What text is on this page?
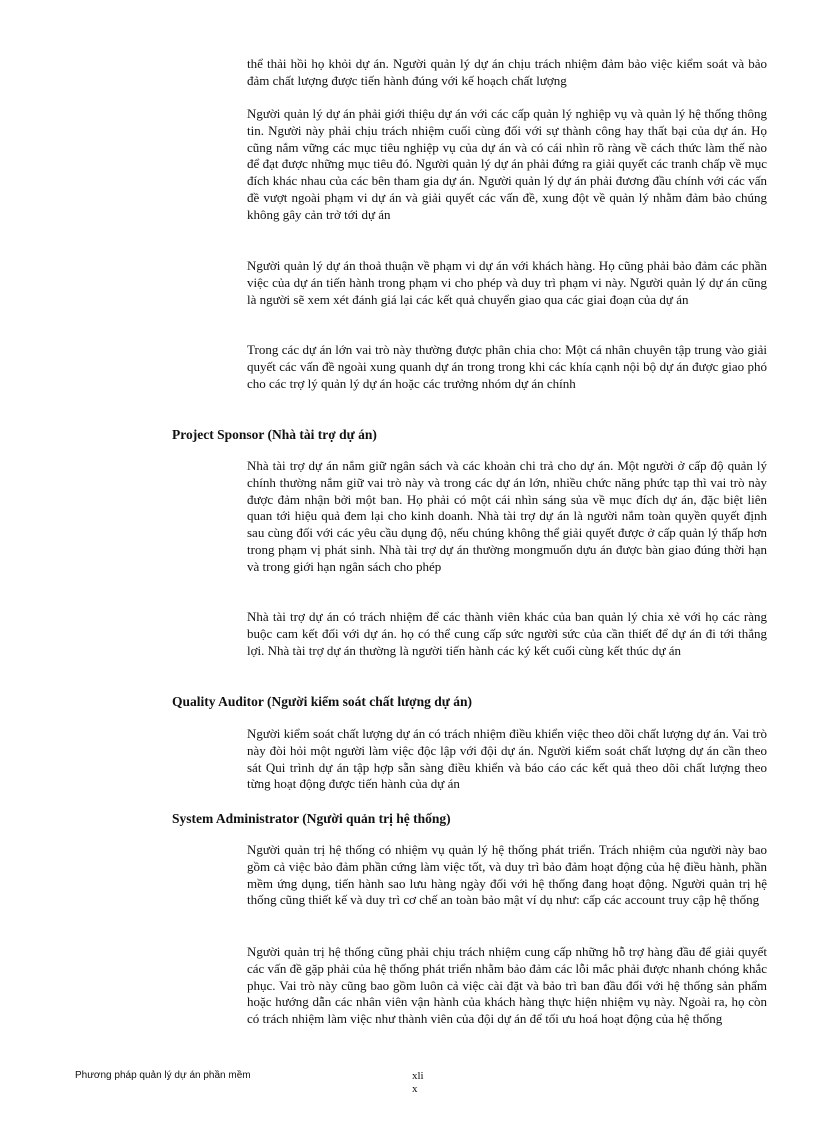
thể thải hồi họ khỏi dự án. Người quản lý dự án chịu trách nhiệm đảm bảo việc kiểm soát và bảo đảm chất lượng được tiến hành đúng với kế hoạch chất lượng

Người quản lý dự án phải giới thiệu dự án với các cấp quản lý nghiệp vụ và quản lý hệ thống thông tin. Người này phải chịu trách nhiệm cuối cùng đối với sự thành công hay thất bại của dự án. Họ cũng nắm vững các mục tiêu nghiệp vụ của dự án và có cái nhìn rõ ràng về cách thức làm thế nào để đạt được những mục tiêu đó. Người quản lý dự án phải đứng ra giải quyết các tranh chấp về mục đích khác nhau của các bên tham gia dự án. Người quản lý dự án phải đương đầu chính với các vấn đề vượt ngoài phạm vi dự án và giải quyết các vấn đề, xung đột về quản lý nhằm đảm bảo chúng không gây cản trở tới dự án

Người quản lý dự án thoả thuận về phạm vi dự án với khách hàng. Họ cũng phải bảo đảm các phần việc của dự án tiến hành trong phạm vi cho phép và duy trì phạm vi này. Người quản lý dự án cũng là người sẽ xem xét đánh giá lại các kết quả chuyển giao qua các giai đoạn của dự án

Trong các dự án lớn vai trò này thường được phân chia cho: Một cá nhân chuyên tập trung vào giải quyết các vấn đề ngoài xung quanh dự án trong trong khi các khía cạnh nội bộ dự án được giao phó cho các trợ lý quản lý dự án hoặc các trưởng nhóm dự án chính

Project Sponsor (Nhà tài trợ dự án)

Nhà tài trợ dự án nắm giữ ngân sách và các khoản chi trả cho dự án. Một người ở cấp độ quản lý chính thường nắm giữ vai trò này và trong các dự án lớn, nhiều chức năng phức tạp thì vai trò này được đảm nhận bởi một ban. Họ phải có một cái nhìn sáng sủa về mục đích dự án, đặc biệt liên quan tới hiệu quả đem lại cho kinh doanh. Nhà tài trợ dự án là người nắm toàn quyền quyết định sau cùng đối với các yêu cầu dụng độ, nếu chúng không thể giải quyết được ở cấp quản lý thấp hơn trong phạm vị phát sinh. Nhà tài trợ dự án thường mongmuốn dựu án được bàn giao đúng thời hạn và trong giới hạn ngân sách cho phép

Nhà tài trợ dự án có trách nhiệm để các thành viên khác của ban quản lý chia xẻ với họ các ràng buộc cam kết đối với dự án. họ có thể cung cấp sức người sức của cần thiết để dự án đi tới thắng lợi. Nhà tài trợ dự án thường là người tiến hành các ký kết cuối cùng kết thúc dự án

Quality Auditor (Người kiểm soát chất lượng dự án)

Người kiểm soát chất lượng dự án có trách nhiệm điều khiển việc theo dõi chất lượng dự án. Vai trò này đòi hỏi một người làm việc độc lập với đội dự án. Người kiểm soát chất lượng dự án cần theo sát Qui trình dự án tập hợp sẵn sàng điều khiển và báo cáo các kết quả theo dõi chất lượng theo từng hoạt động được tiến hành của dự án

System Administrator (Người quản trị hệ thống)

Người quản trị hệ thống có nhiệm vụ quản lý hệ thống phát triển. Trách nhiệm của người này bao gồm cả việc bảo đảm phần cứng làm việc tốt, và duy trì bảo đảm hoạt động của hệ điều hành, phần mềm ứng dụng, tiến hành sao lưu hàng ngày đối với hệ thống đang hoạt động. Người quản trị hệ thống cũng thiết kế và duy trì cơ chế an toàn bảo mật ví dụ như: cấp các account truy cập hệ thống

Người quản trị hệ thống cũng phải chịu trách nhiệm cung cấp những hỗ trợ hàng đầu để giải quyết các vấn đề gặp phải của hệ thống phát triển nhằm bảo đảm các lỗi mắc phải được nhanh chóng khắc phục. Vai trò này cũng bao gồm luôn cả việc cài đặt và bảo trì ban đầu đối với hệ thống sản phẩm hoặc hướng dẫn các nhân viên vận hành của khách hàng thực hiện nhiệm vụ này. Ngoài ra, họ còn có trách nhiệm làm việc như thành viên của đội dự án để tối ưu hoá hoạt động của hệ thống

Phương pháp quản lý dự án phần mềm	xlix
